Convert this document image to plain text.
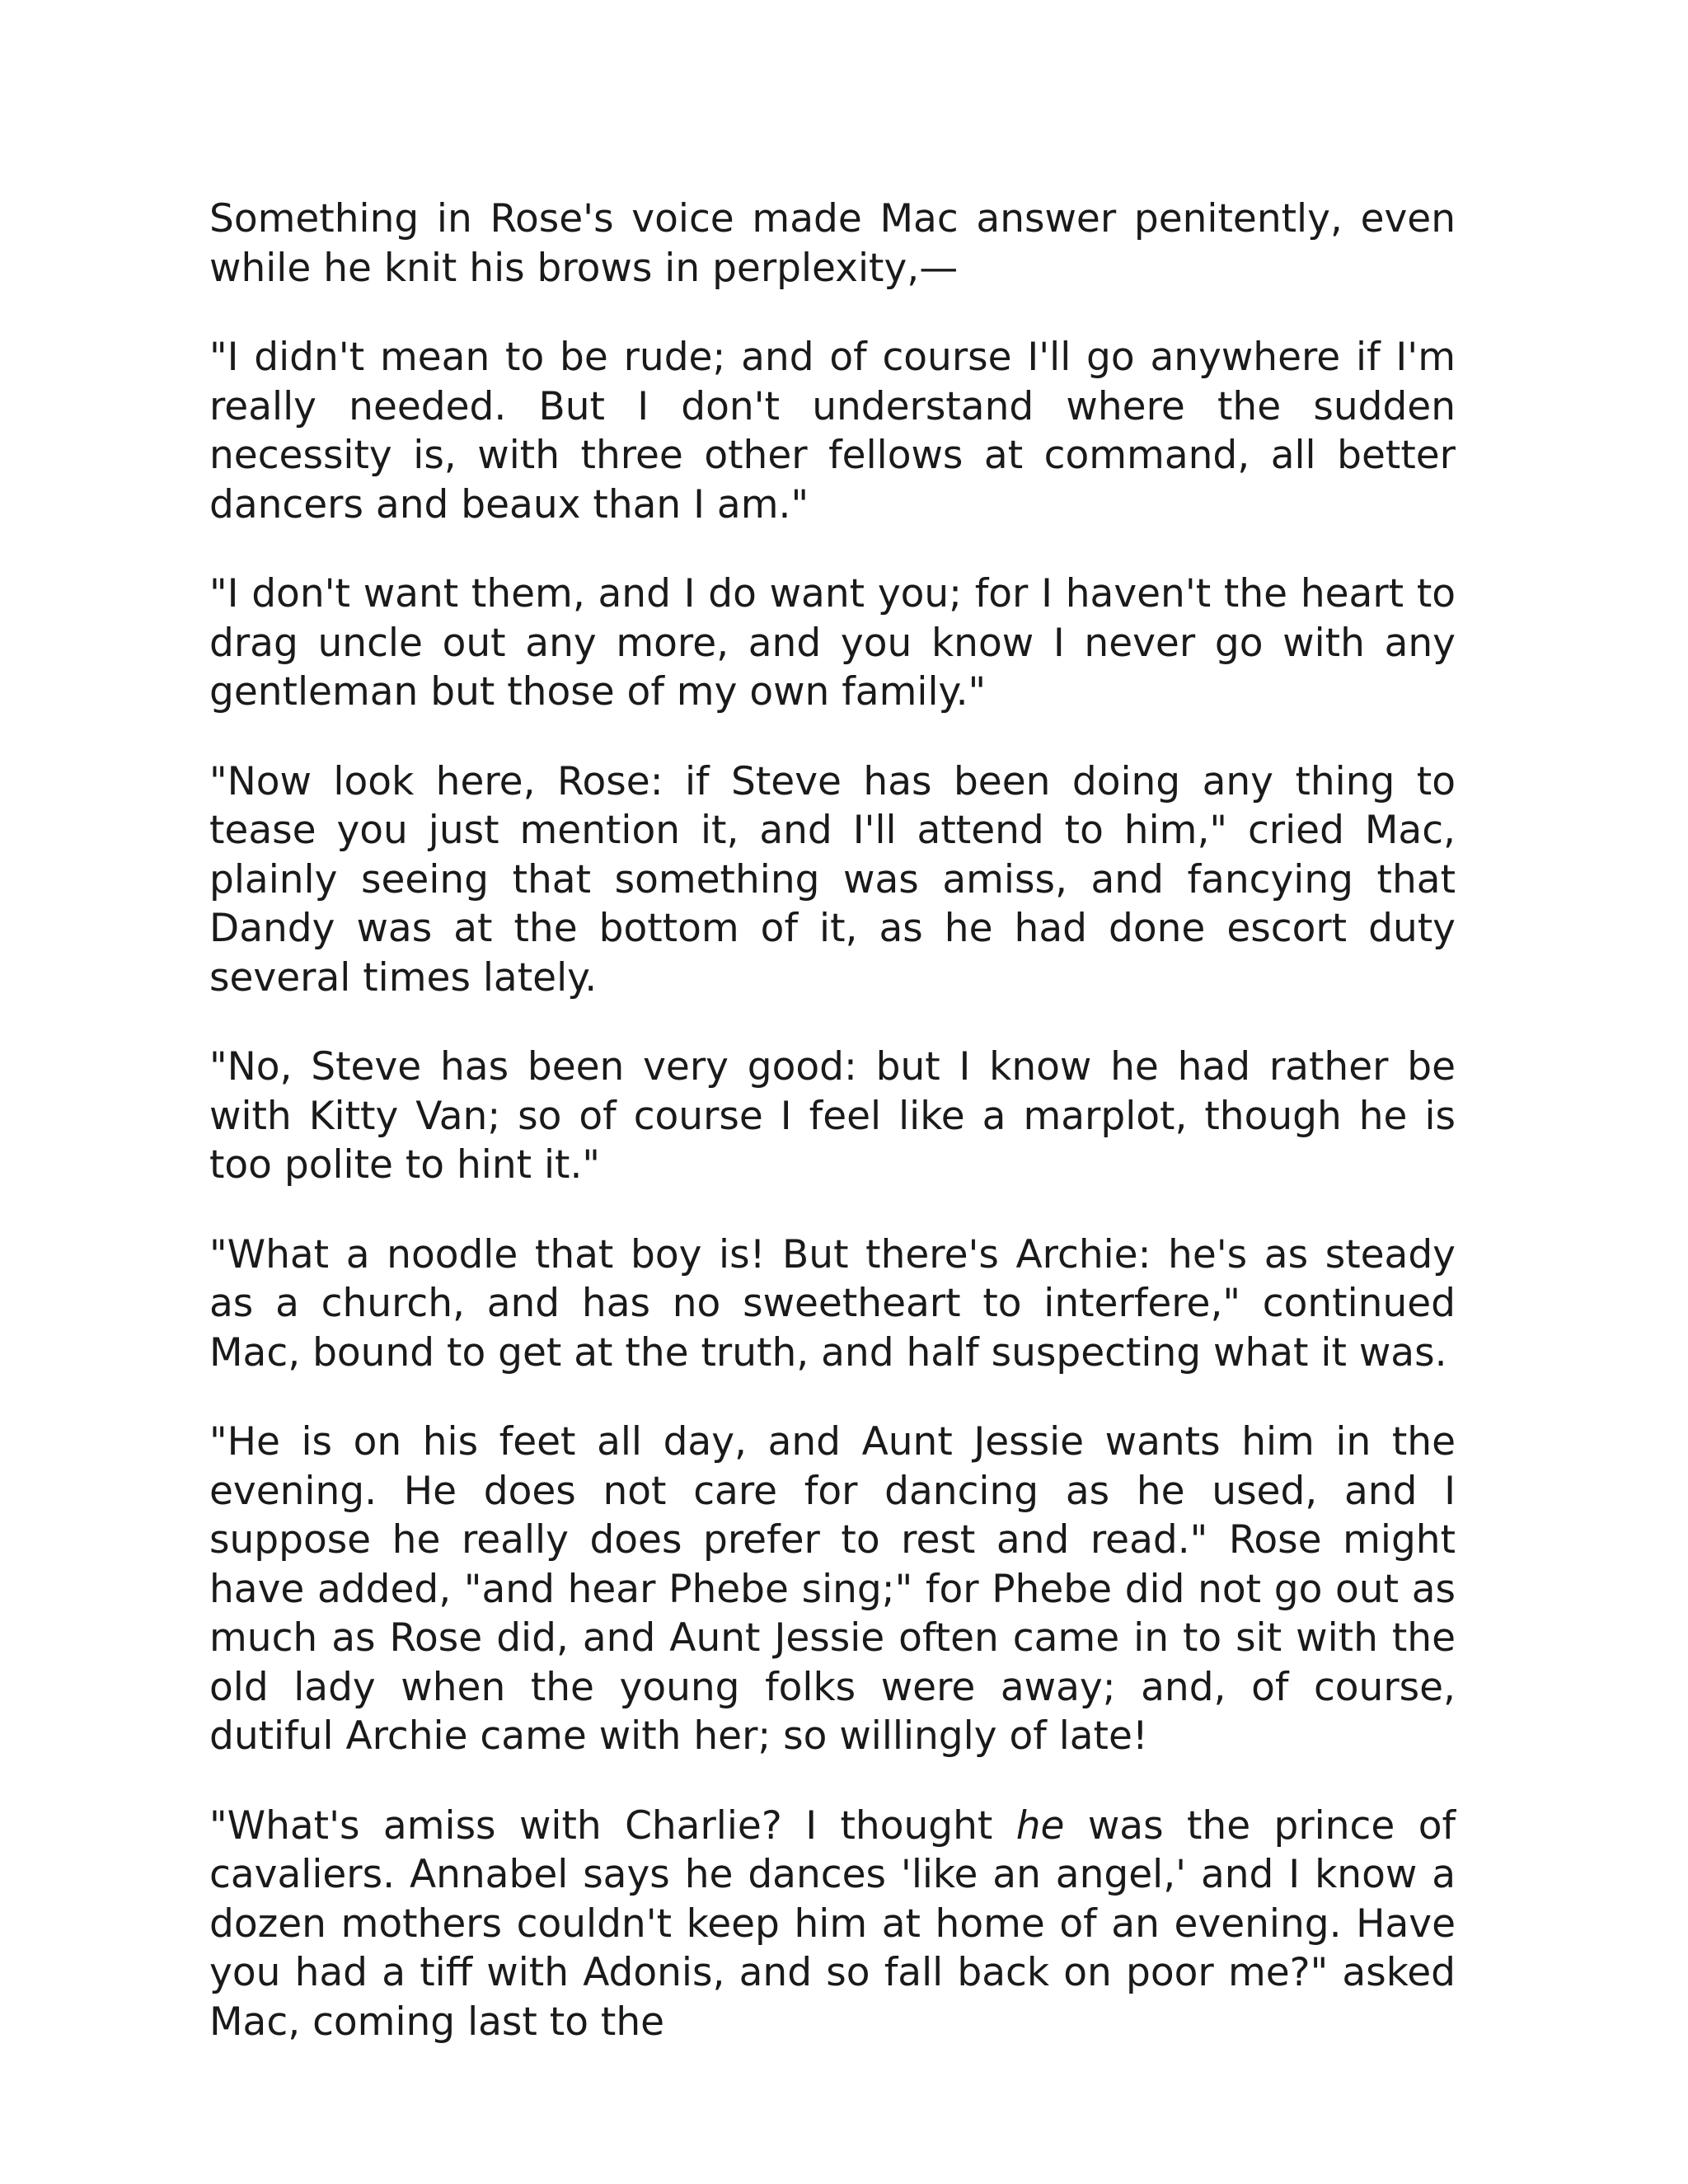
Something in Rose's voice made Mac answer penitently, even while he knit his brows in perplexity,—

"I didn't mean to be rude; and of course I'll go anywhere if I'm really needed. But I don't understand where the sudden necessity is, with three other fellows at command, all better dancers and beaux than I am."

"I don't want them, and I do want you; for I haven't the heart to drag uncle out any more, and you know I never go with any gentleman but those of my own family."

"Now look here, Rose: if Steve has been doing any thing to tease you just mention it, and I'll attend to him," cried Mac, plainly seeing that something was amiss, and fancying that Dandy was at the bottom of it, as he had done escort duty several times lately.

"No, Steve has been very good: but I know he had rather be with Kitty Van; so of course I feel like a marplot, though he is too polite to hint it."

"What a noodle that boy is! But there's Archie: he's as steady as a church, and has no sweetheart to interfere," continued Mac, bound to get at the truth, and half suspecting what it was.

"He is on his feet all day, and Aunt Jessie wants him in the evening. He does not care for dancing as he used, and I suppose he really does prefer to rest and read." Rose might have added, "and hear Phebe sing;" for Phebe did not go out as much as Rose did, and Aunt Jessie often came in to sit with the old lady when the young folks were away; and, of course, dutiful Archie came with her; so willingly of late!

"What's amiss with Charlie? I thought he was the prince of cavaliers. Annabel says he dances 'like an angel,' and I know a dozen mothers couldn't keep him at home of an evening. Have you had a tiff with Adonis, and so fall back on poor me?" asked Mac, coming last to the
